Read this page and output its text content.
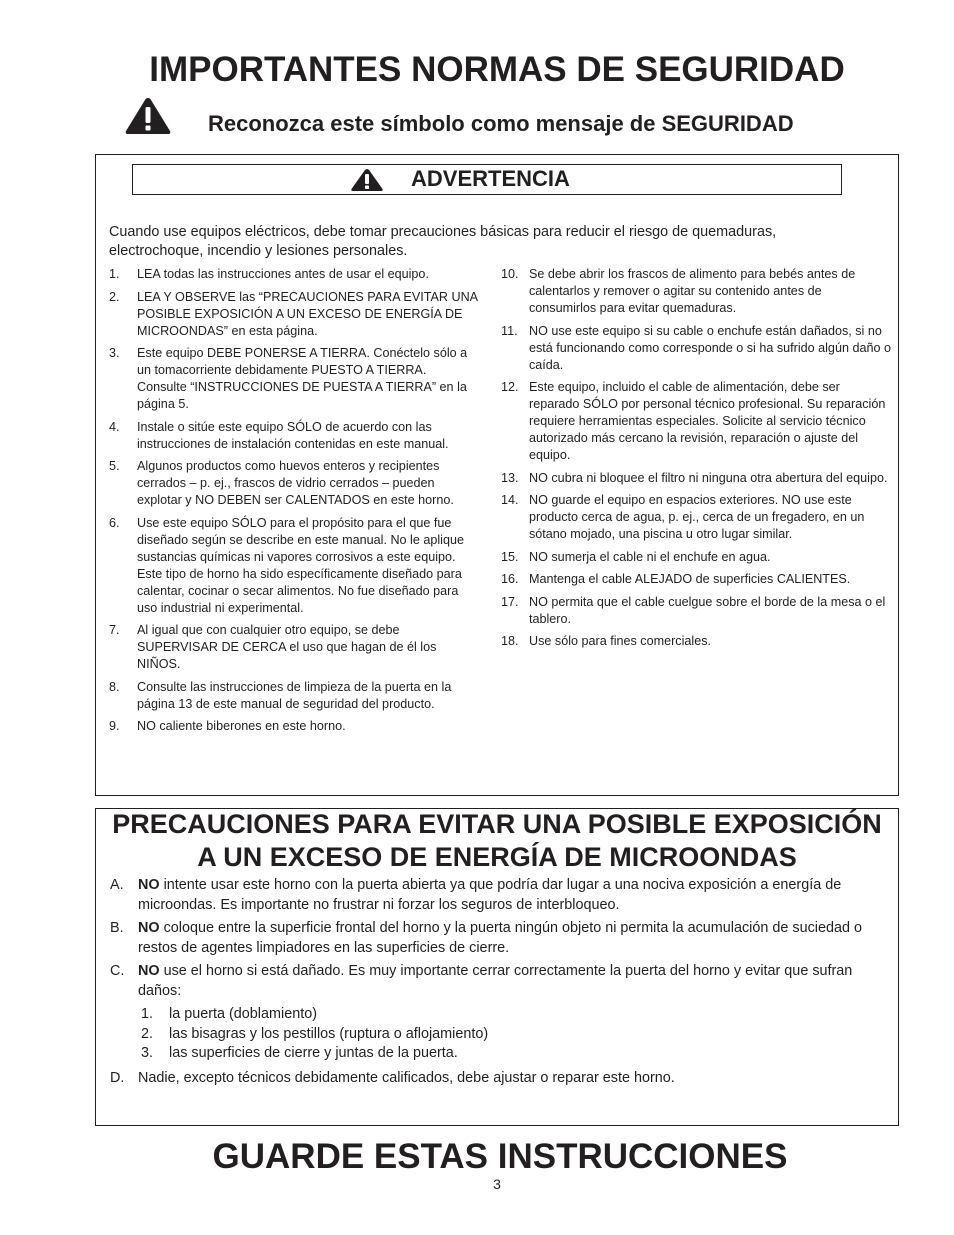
IMPORTANTES NORMAS DE SEGURIDAD
Reconozca este símbolo como mensaje de SEGURIDAD
ADVERTENCIA
Cuando use equipos eléctricos, debe tomar precauciones básicas para reducir el riesgo de quemaduras, electrochoque, incendio y lesiones personales.
1. LEA todas las instrucciones antes de usar el equipo.
2. LEA Y OBSERVE las “PRECAUCIONES PARA EVITAR UNA POSIBLE EXPOSICIÓN A UN EXCESO DE ENERGÍA DE MICROONDAS” en esta página.
3. Este equipo DEBE PONERSE A TIERRA. Conéctelo sólo a un tomacorriente debidamente PUESTO A TIERRA. Consulte “INSTRUCCIONES DE PUESTA A TIERRA” en la página 5.
4. Instale o sitúe este equipo SÓLO de acuerdo con las instrucciones de instalación contenidas en este manual.
5. Algunos productos como huevos enteros y recipientes cerrados – p. ej., frascos de vidrio cerrados – pueden explotar y NO DEBEN ser CALENTADOS en este horno.
6. Use este equipo SÓLO para el propósito para el que fue diseñado según se describe en este manual. No le aplique sustancias químicas ni vapores corrosivos a este equipo. Este tipo de horno ha sido específicamente diseñado para calentar, cocinar o secar alimentos. No fue diseñado para uso industrial ni experimental.
7. Al igual que con cualquier otro equipo, se debe SUPERVISAR DE CERCA el uso que hagan de él los NIÑOS.
8. Consulte las instrucciones de limpieza de la puerta en la página 13 de este manual de seguridad del producto.
9. NO caliente biberones en este horno.
10. Se debe abrir los frascos de alimento para bebés antes de calentarlos y remover o agitar su contenido antes de consumirlos para evitar quemaduras.
11. NO use este equipo si su cable o enchufe están dañados, si no está funcionando como corresponde o si ha sufrido algún daño o caída.
12. Este equipo, incluido el cable de alimentación, debe ser reparado SÓLO por personal técnico profesional. Su reparación requiere herramientas especiales. Solicite al servicio técnico autorizado más cercano la revisión, reparación o ajuste del equipo.
13. NO cubra ni bloquee el filtro ni ninguna otra abertura del equipo.
14. NO guarde el equipo en espacios exteriores. NO use este producto cerca de agua, p. ej., cerca de un fregadero, en un sótano mojado, una piscina u otro lugar similar.
15. NO sumerja el cable ni el enchufe en agua.
16. Mantenga el cable ALEJADO de superficies CALIENTES.
17. NO permita que el cable cuelgue sobre el borde de la mesa o el tablero.
18. Use sólo para fines comerciales.
PRECAUCIONES PARA EVITAR UNA POSIBLE EXPOSICIÓN
A UN EXCESO DE ENERGÍA DE MICROONDAS
A. NO intente usar este horno con la puerta abierta ya que podría dar lugar a una nociva exposición a energía de microondas. Es importante no frustrar ni forzar los seguros de interbloqueo.
B. NO coloque entre la superficie frontal del horno y la puerta ningún objeto ni permita la acumulación de suciedad o restos de agentes limpiadores en las superficies de cierre.
C. NO use el horno si está dañado. Es muy importante cerrar correctamente la puerta del horno y evitar que sufran daños:
1. la puerta (doblamiento)
2. las bisagras y los pestillos (ruptura o aflojamiento)
3. las superficies de cierre y juntas de la puerta.
D. Nadie, excepto técnicos debidamente calificados, debe ajustar o reparar este horno.
GUARDE ESTAS INSTRUCCIONES
3
